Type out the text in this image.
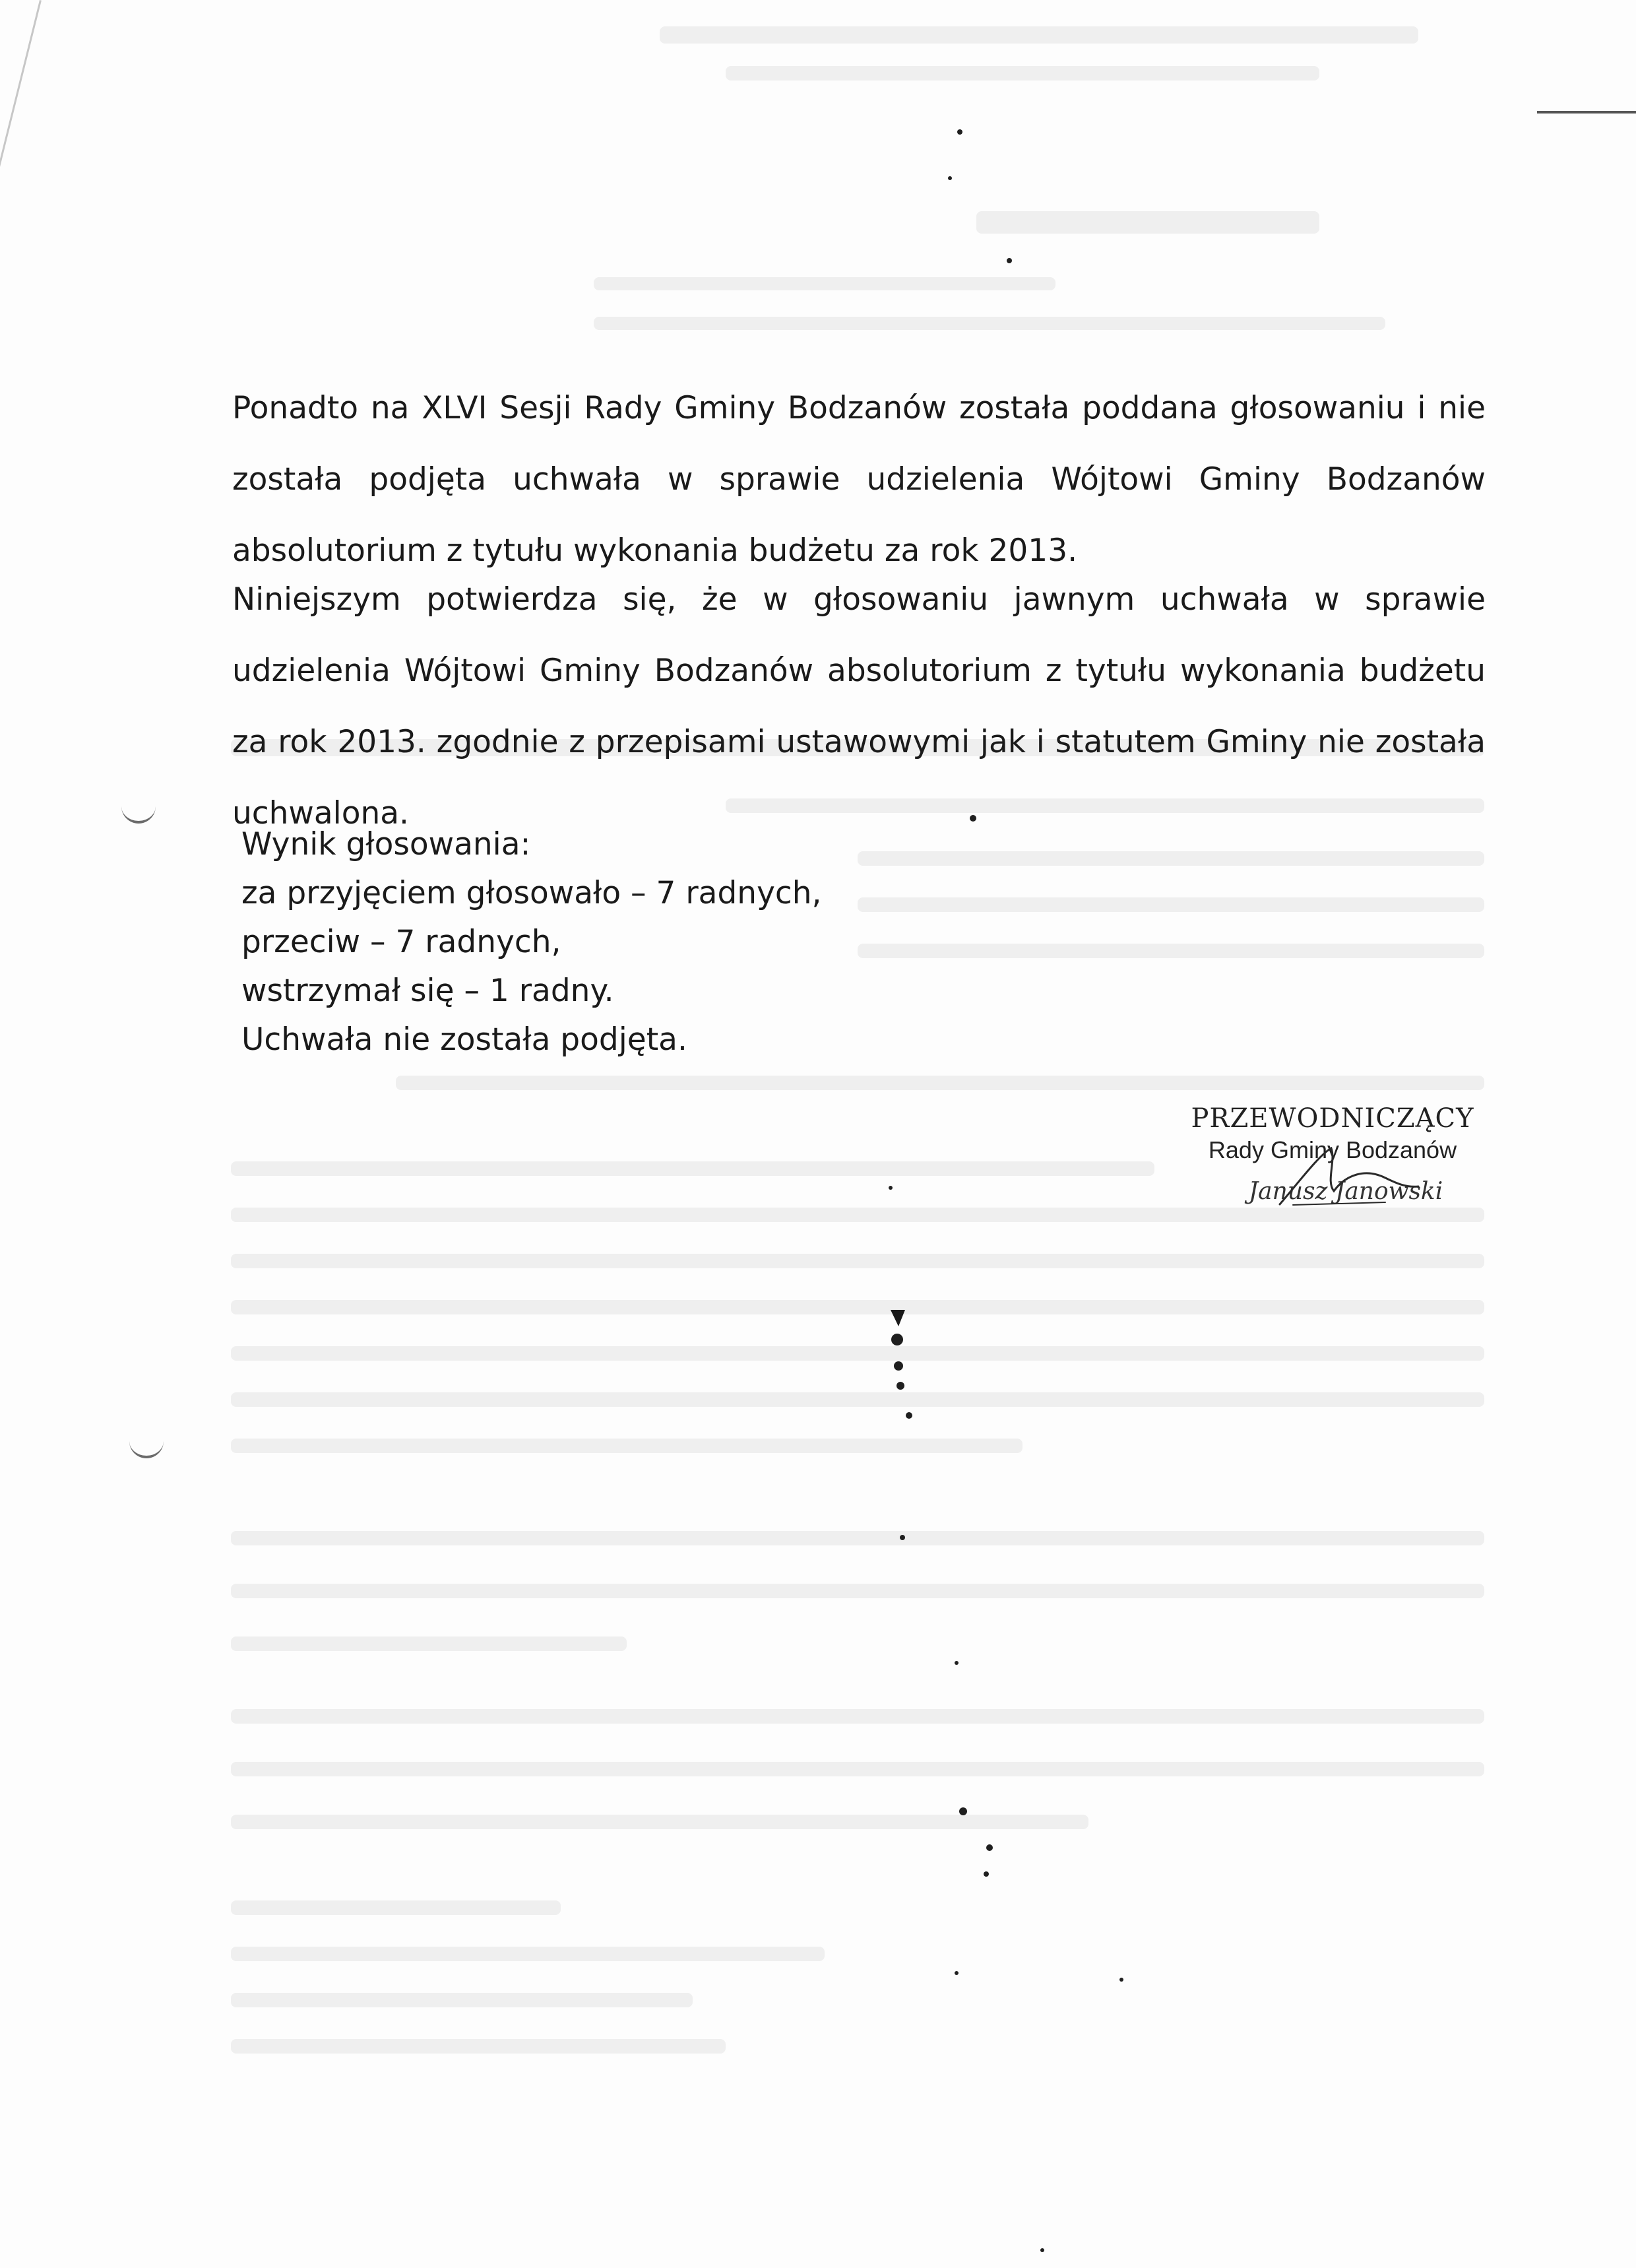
Ponadto na XLVI Sesji Rady Gminy Bodzanów została poddana głosowaniu i nie została podjęta uchwała w sprawie udzielenia Wójtowi Gminy Bodzanów absolutorium z tytułu wykonania budżetu za rok 2013.
Niniejszym potwierdza się, że w głosowaniu jawnym uchwała w sprawie udzielenia Wójtowi Gminy Bodzanów absolutorium z tytułu wykonania budżetu za rok 2013. zgodnie z przepisami ustawowymi jak i statutem Gminy nie została uchwalona.
Wynik głosowania:
za przyjęciem głosowało – 7 radnych,
przeciw – 7 radnych,
wstrzymał się – 1 radny.
Uchwała nie została podjęta.
PRZEWODNICZĄCY
Rady Gminy Bodzanów
Janusz Janowski
